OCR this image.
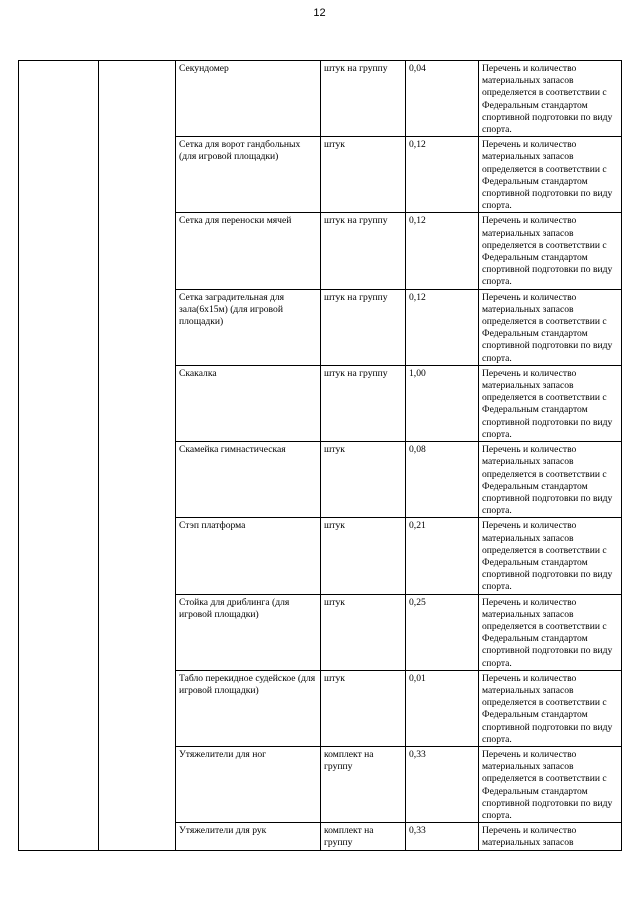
12
		Секундомер	штук на группу	0,04	Перечень и количество материальных запасов определяется в соответствии с Федеральным стандартом спортивной подготовки по виду спорта.
		Сетка для ворот гандбольных (для игровой площадки)	штук	0,12	Перечень и количество материальных запасов определяется в соответствии с Федеральным стандартом спортивной подготовки по виду спорта.
		Сетка для переноски мячей	штук на группу	0,12	Перечень и количество материальных запасов определяется в соответствии с Федеральным стандартом спортивной подготовки по виду спорта.
		Сетка заградительная для зала(6х15м) (для игровой площадки)	штук на группу	0,12	Перечень и количество материальных запасов определяется в соответствии с Федеральным стандартом спортивной подготовки по виду спорта.
		Скакалка	штук на группу	1,00	Перечень и количество материальных запасов определяется в соответствии с Федеральным стандартом спортивной подготовки по виду спорта.
		Скамейка гимнастическая	штук	0,08	Перечень и количество материальных запасов определяется в соответствии с Федеральным стандартом спортивной подготовки по виду спорта.
		Стэп платформа	штук	0,21	Перечень и количество материальных запасов определяется в соответствии с Федеральным стандартом спортивной подготовки по виду спорта.
		Стойка для дриблинга (для игровой площадки)	штук	0,25	Перечень и количество материальных запасов определяется в соответствии с Федеральным стандартом спортивной подготовки по виду спорта.
		Табло перекидное судейское (для игровой площадки)	штук	0,01	Перечень и количество материальных запасов определяется в соответствии с Федеральным стандартом спортивной подготовки по виду спорта.
		Утяжелители для ног	комплект на группу	0,33	Перечень и количество материальных запасов определяется в соответствии с Федеральным стандартом спортивной подготовки по виду спорта.
		Утяжелители для рук	комплект на группу	0,33	Перечень и количество материальных запасов
